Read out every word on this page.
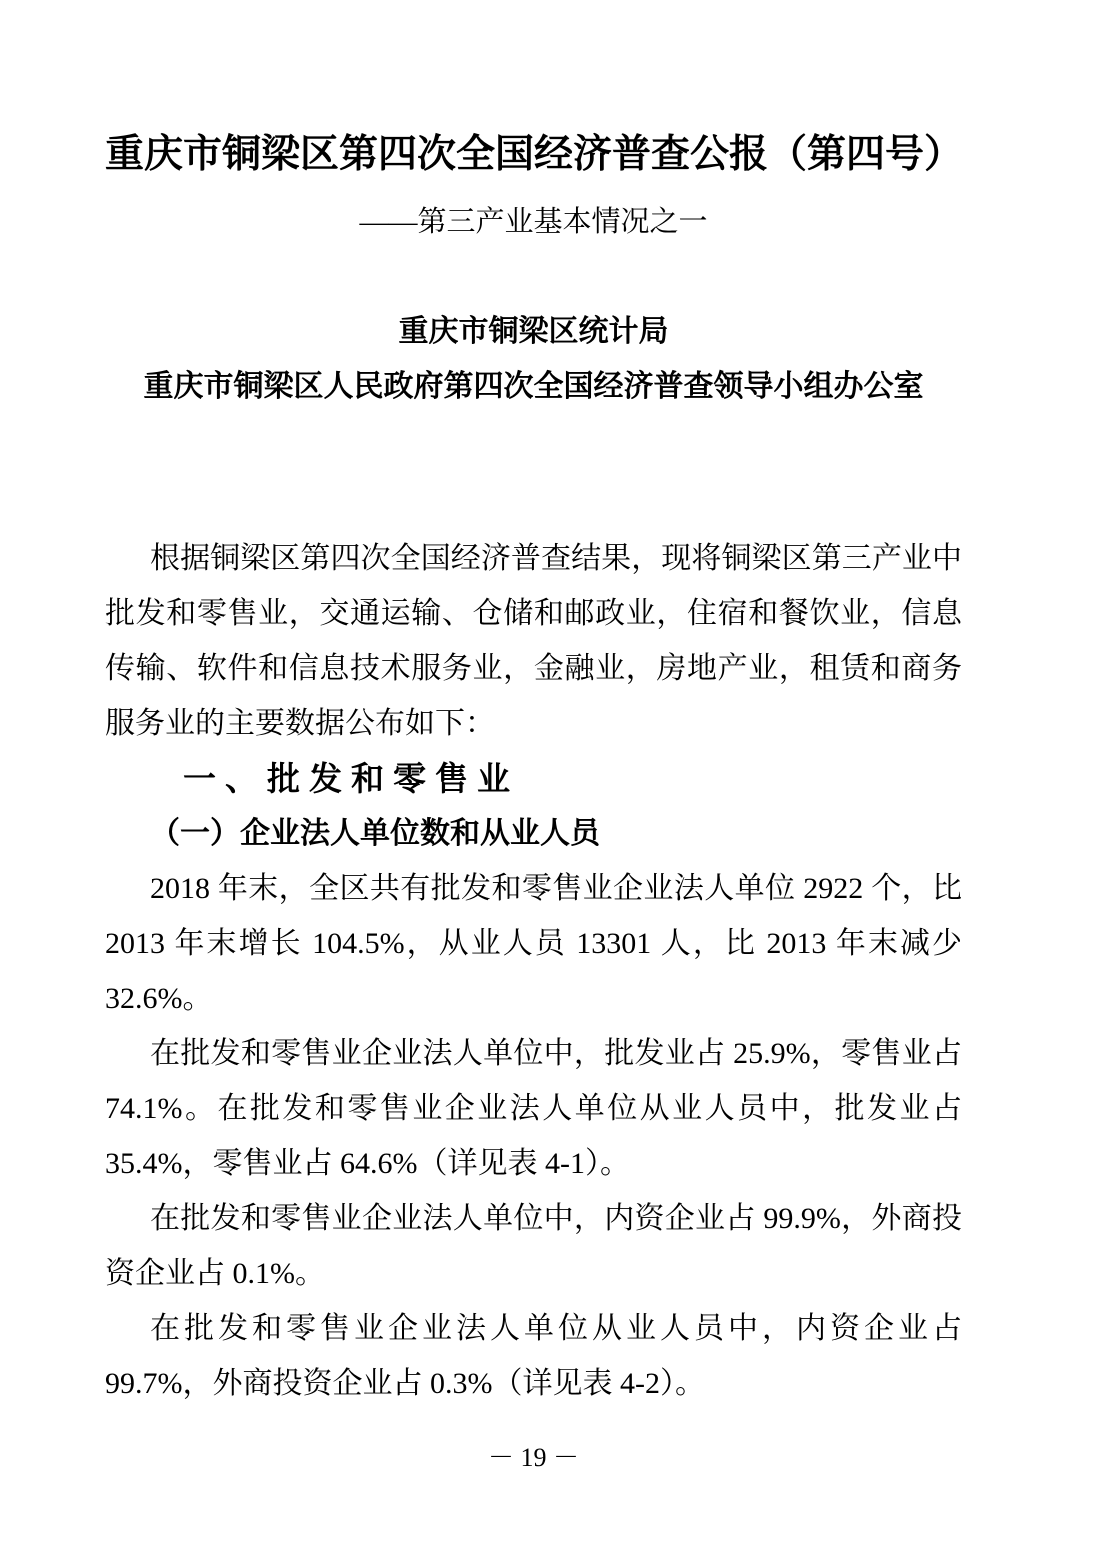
重庆市铜梁区第四次全国经济普查公报（第四号）
——第三产业基本情况之一
重庆市铜梁区统计局
重庆市铜梁区人民政府第四次全国经济普查领导小组办公室

根据铜梁区第四次全国经济普查结果，现将铜梁区第三产业中批发和零售业，交通运输、仓储和邮政业，住宿和餐饮业，信息传输、软件和信息技术服务业，金融业，房地产业，租赁和商务服务业的主要数据公布如下：

一、批发和零售业
（一）企业法人单位数和从业人员

2018 年末，全区共有批发和零售业企业法人单位 2922 个，比 2013 年末增长 104.5%，从业人员 13301 人，比 2013 年末减少 32.6%。

在批发和零售业企业法人单位中，批发业占 25.9%，零售业占 74.1%。在批发和零售业企业法人单位从业人员中，批发业占 35.4%，零售业占 64.6%（详见表 4-1）。

在批发和零售业企业法人单位中，内资企业占 99.9%，外商投资企业占 0.1%。

在批发和零售业企业法人单位从业人员中，内资企业占 99.7%，外商投资企业占 0.3%（详见表 4-2）。

－ 19 －
